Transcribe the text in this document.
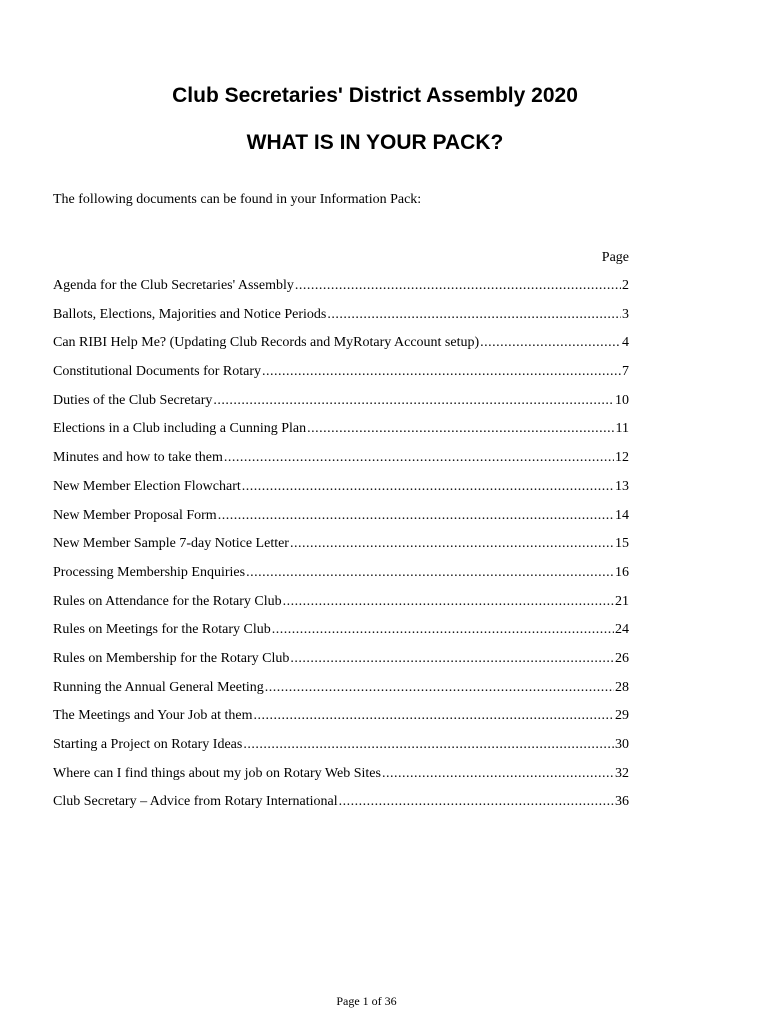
Club Secretaries' District Assembly 2020
WHAT IS IN YOUR PACK?

The following documents can be found in your Information Pack:

Page
Agenda for the Club Secretaries' Assembly .....	2
Ballots, Elections, Majorities and Notice Periods .....	3
Can RIBI Help Me? (Updating Club Records and MyRotary Account setup) .....	4
Constitutional Documents for Rotary .....	7
Duties of the Club Secretary .....	10
Elections in a Club including a Cunning Plan .....	11
Minutes and how to take them .....	12
New Member Election Flowchart .....	13
New Member Proposal Form .....	14
New Member Sample 7-day Notice Letter .....	15
Processing Membership Enquiries .....	16
Rules on Attendance for the Rotary Club .....	21
Rules on Meetings for the Rotary Club .....	24
Rules on Membership for the Rotary Club .....	26
Running the Annual General Meeting .....	28
The Meetings and Your Job at them .....	29
Starting a Project on Rotary Ideas .....	30
Where can I find things about my job on Rotary Web Sites .....	32
Club Secretary – Advice from Rotary International .....	36
Page 1 of 36
